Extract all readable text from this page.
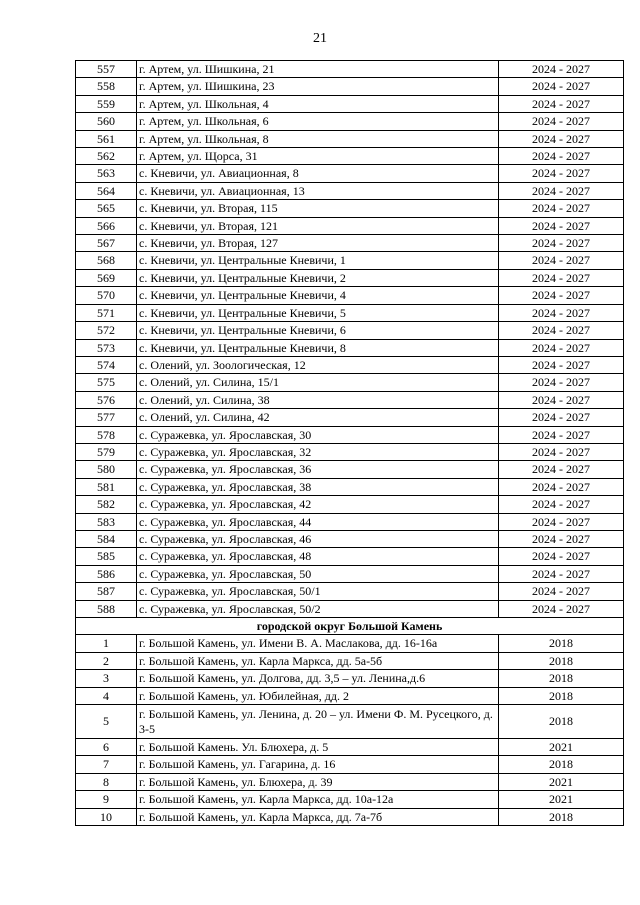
21
557	г. Артем, ул. Шишкина, 21	2024 - 2027
558	г. Артем, ул. Шишкина, 23	2024 - 2027
559	г. Артем, ул. Школьная, 4	2024 - 2027
560	г. Артем, ул. Школьная, 6	2024 - 2027
561	г. Артем, ул. Школьная, 8	2024 - 2027
562	г. Артем, ул. Щорса, 31	2024 - 2027
563	с. Кневичи, ул. Авиационная, 8	2024 - 2027
564	с. Кневичи, ул. Авиационная, 13	2024 - 2027
565	с. Кневичи, ул. Вторая, 115	2024 - 2027
566	с. Кневичи, ул. Вторая, 121	2024 - 2027
567	с. Кневичи, ул. Вторая, 127	2024 - 2027
568	с. Кневичи, ул. Центральные Кневичи, 1	2024 - 2027
569	с. Кневичи, ул. Центральные Кневичи, 2	2024 - 2027
570	с. Кневичи, ул. Центральные Кневичи, 4	2024 - 2027
571	с. Кневичи, ул. Центральные Кневичи, 5	2024 - 2027
572	с. Кневичи, ул. Центральные Кневичи, 6	2024 - 2027
573	с. Кневичи, ул. Центральные Кневичи, 8	2024 - 2027
574	с. Олений, ул. Зоологическая, 12	2024 - 2027
575	с. Олений, ул. Силина, 15/1	2024 - 2027
576	с. Олений, ул. Силина, 38	2024 - 2027
577	с. Олений, ул. Силина, 42	2024 - 2027
578	с. Суражевка, ул. Ярославская, 30	2024 - 2027
579	с. Суражевка, ул. Ярославская, 32	2024 - 2027
580	с. Суражевка, ул. Ярославская, 36	2024 - 2027
581	с. Суражевка, ул. Ярославская, 38	2024 - 2027
582	с. Суражевка, ул. Ярославская, 42	2024 - 2027
583	с. Суражевка, ул. Ярославская, 44	2024 - 2027
584	с. Суражевка, ул. Ярославская, 46	2024 - 2027
585	с. Суражевка, ул. Ярославская, 48	2024 - 2027
586	с. Суражевка, ул. Ярославская, 50	2024 - 2027
587	с. Суражевка, ул. Ярославская, 50/1	2024 - 2027
588	с. Суражевка, ул. Ярославская, 50/2	2024 - 2027
городской округ Большой Камень		
1	г. Большой Камень, ул. Имени В. А. Маслакова, дд. 16-16а	2018
2	г. Большой Камень, ул. Карла Маркса, дд. 5а-5б	2018
3	г. Большой Камень, ул. Долгова, дд. 3,5 – ул. Ленина,д.6	2018
4	г. Большой Камень, ул. Юбилейная, дд. 2	2018
5	г. Большой Камень, ул. Ленина, д. 20 – ул. Имени Ф. М. Русецкого, д. 3-5	2018
6	г. Большой Камень. Ул. Блюхера, д. 5	2021
7	г. Большой Камень, ул. Гагарина, д. 16	2018
8	г. Большой Камень, ул. Блюхера, д. 39	2021
9	г. Большой Камень, ул. Карла Маркса, дд. 10а-12а	2021
10	г. Большой Камень, ул. Карла Маркса, дд. 7а-7б	2018
